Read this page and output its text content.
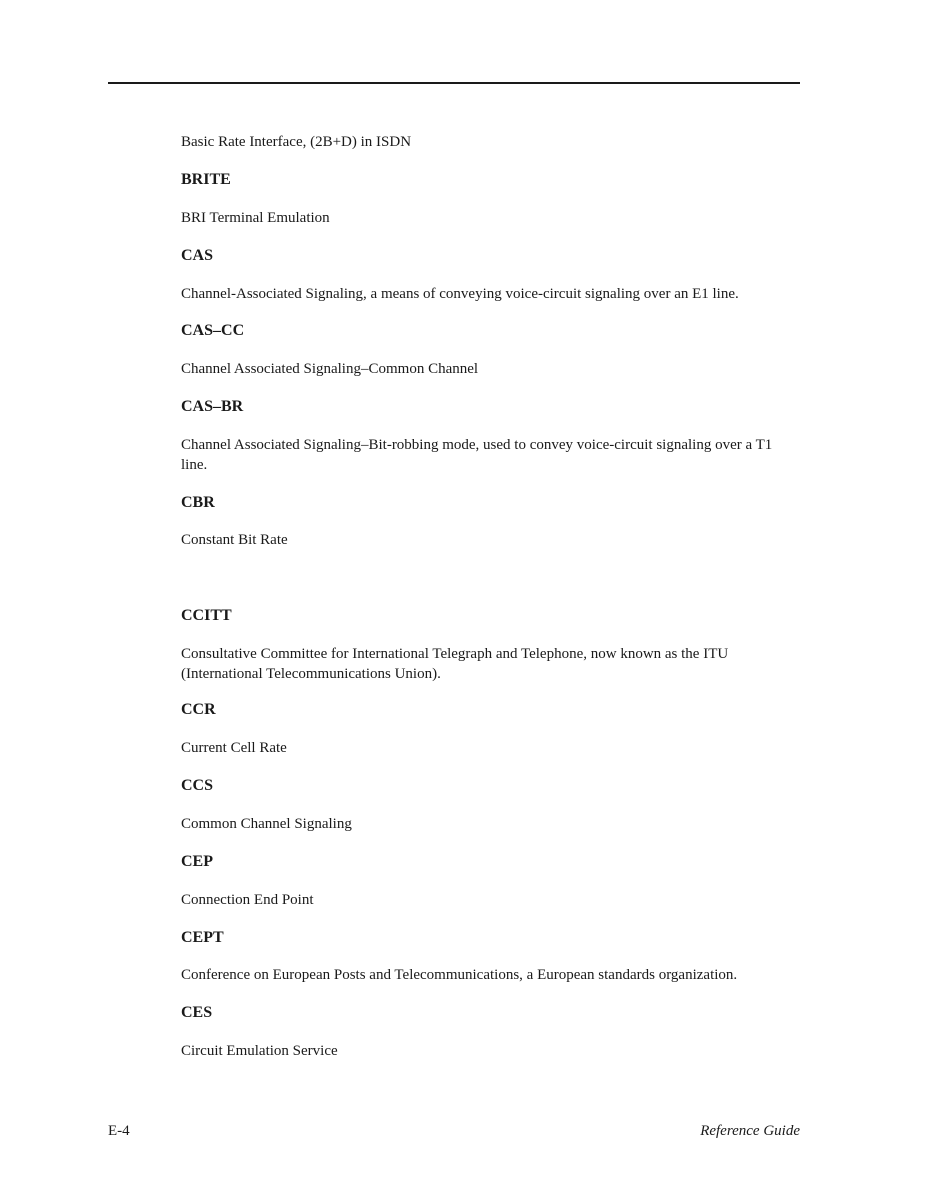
Basic Rate Interface, (2B+D) in ISDN
BRITE
BRI Terminal Emulation
CAS
Channel-Associated Signaling, a means of conveying voice-circuit signaling over an E1 line.
CAS–CC
Channel Associated Signaling–Common Channel
CAS–BR
Channel Associated Signaling–Bit-robbing mode, used to convey voice-circuit signaling over a T1 line.
CBR
Constant Bit Rate
CCITT
Consultative Committee for International Telegraph and Telephone, now known as the ITU (International Telecommunications Union).
CCR
Current Cell Rate
CCS
Common Channel Signaling
CEP
Connection End Point
CEPT
Conference on European Posts and Telecommunications, a European standards organization.
CES
Circuit Emulation Service
E-4	Reference Guide
